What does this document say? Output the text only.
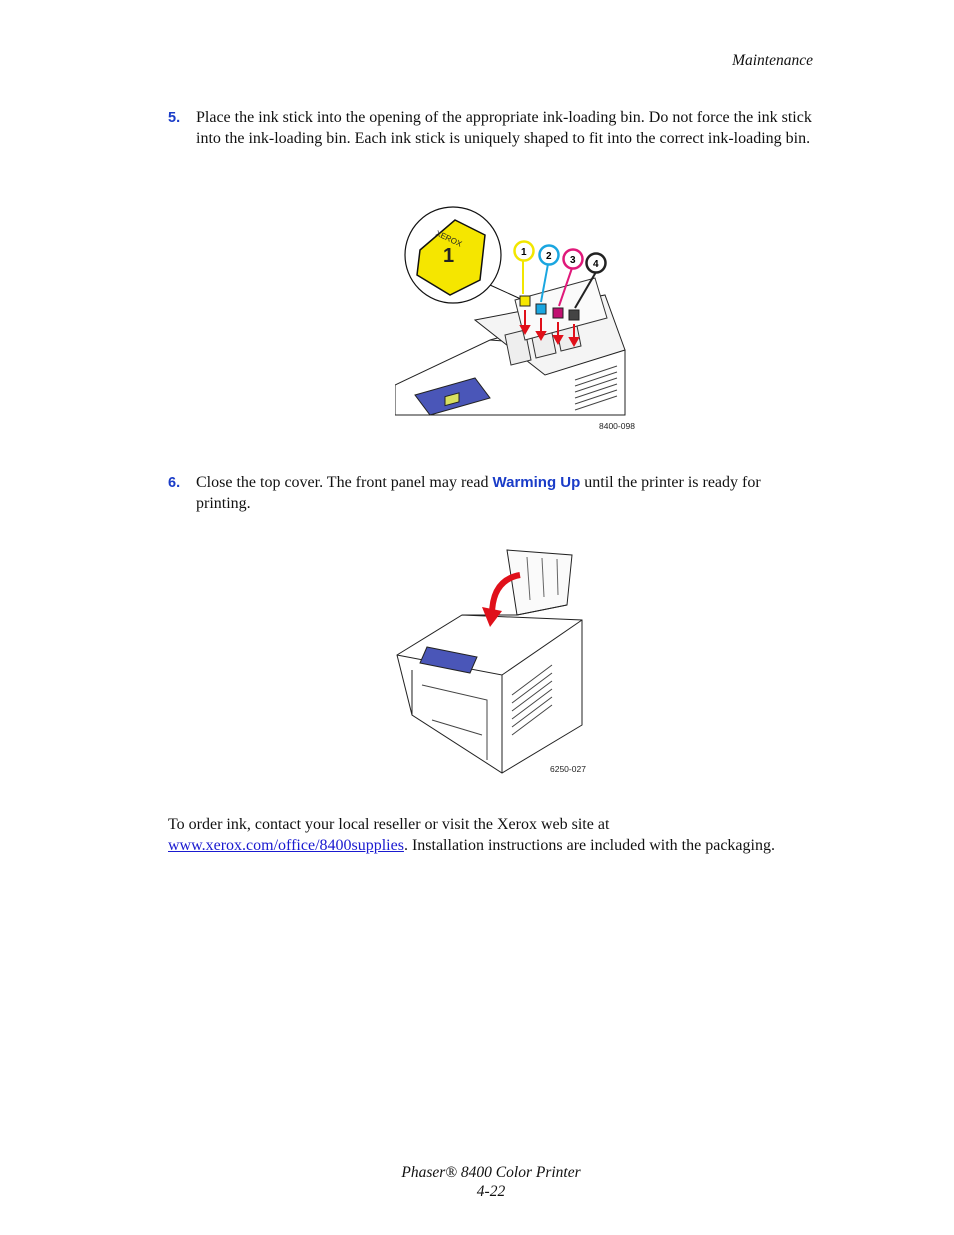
Maintenance
5. Place the ink stick into the opening of the appropriate ink-loading bin. Do not force the ink stick into the ink-loading bin. Each ink stick is uniquely shaped to fit into the correct ink-loading bin.
XEROX
1	1 2 3 4
8400-098
6. Close the top cover. The front panel may read Warming Up until the printer is ready for printing.
6250-027
To order ink, contact your local reseller or visit the Xerox web site at www.xerox.com/office/8400supplies. Installation instructions are included with the packaging.
Phaser® 8400 Color Printer
4-22
